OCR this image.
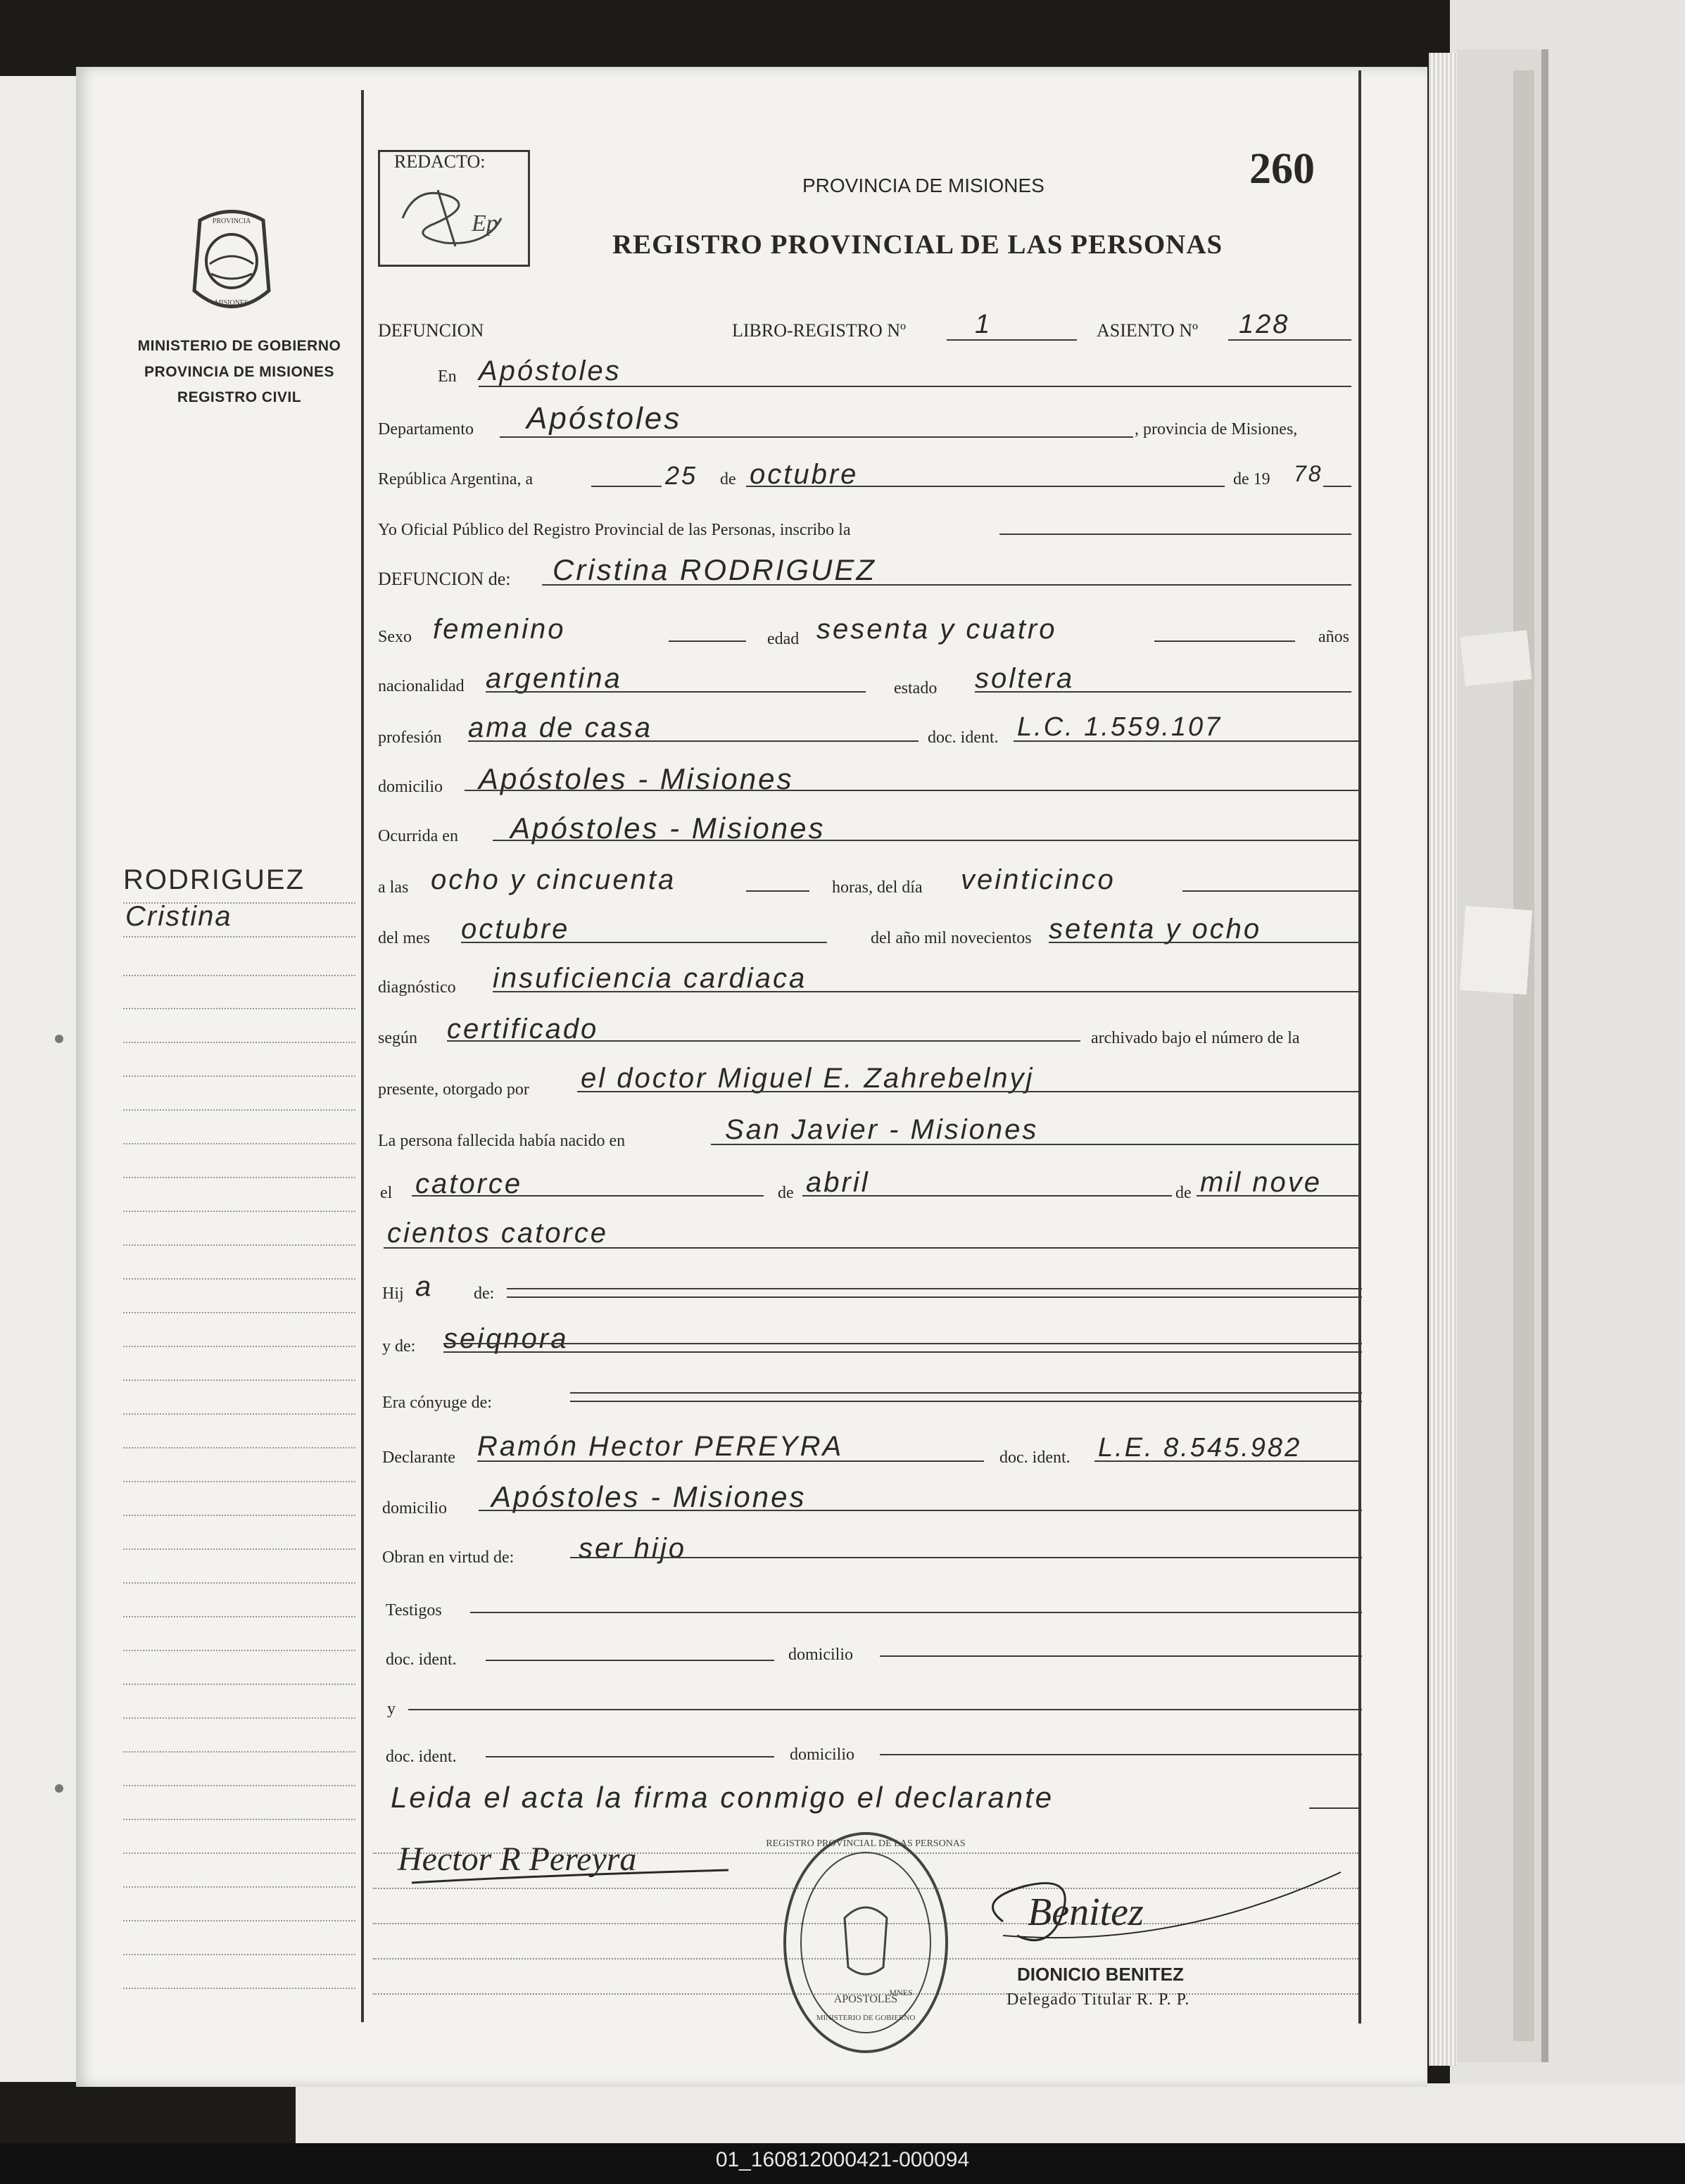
PROVINCIA
MISIONES
MINISTERIO DE GOBIERNO
PROVINCIA DE MISIONES
REGISTRO CIVIL
RODRIGUEZ
Cristina
REDACTO:
Ep
PROVINCIA DE MISIONES	260
REGISTRO PROVINCIAL DE LAS PERSONAS
DEFUNCION	LIBRO-REGISTRO Nº	1	ASIENTO Nº 128
En Apóstoles
Departamento Apóstoles	, provincia de Misiones,
República Argentina, a	25 de octubre	de 19 78
Yo Oficial Público del Registro Provincial de las Personas, inscribo la
DEFUNCION de: Cristina RODRIGUEZ
Sexo femenino	edad sesenta y cuatro	años
nacionalidad argentina	estado soltera
profesión ama de casa	doc. ident. L.C. 1.559.107
domicilio Apóstoles - Misiones
Ocurrida en Apóstoles - Misiones
a las ocho y cincuenta	horas, del día veinticinco
del mes octubre	del año mil novecientos setenta y ocho
diagnóstico insuficiencia cardiaca
según certificado	archivado bajo el número de la
presente, otorgado por el doctor Miguel E. Zahrebelnyj
La persona fallecida había nacido en	San Javier - Misiones
el catorce	de abril	de mil nove
cientos catorce
Hij a de:
y de: seiqnora
Era cónyuge de:
Declarante Ramón Hector PEREYRA	doc. ident. L.E. 8.545.982
domicilio Apóstoles - Misiones
Obran en virtud de: ser hijo
Testigos
doc. ident.	domicilio
y
doc. ident.	domicilio
Leida el acta la firma conmigo el declarante
Hector R Pereyra	REGISTRO PROVINCIAL DE LAS PERSONAS
APOSTOLES
MINISTERIO DE GOBIERNO
MNES
Benitez
DIONICIO BENITEZ
Delegado Titular R. P. P.
01_160812000421-000094
